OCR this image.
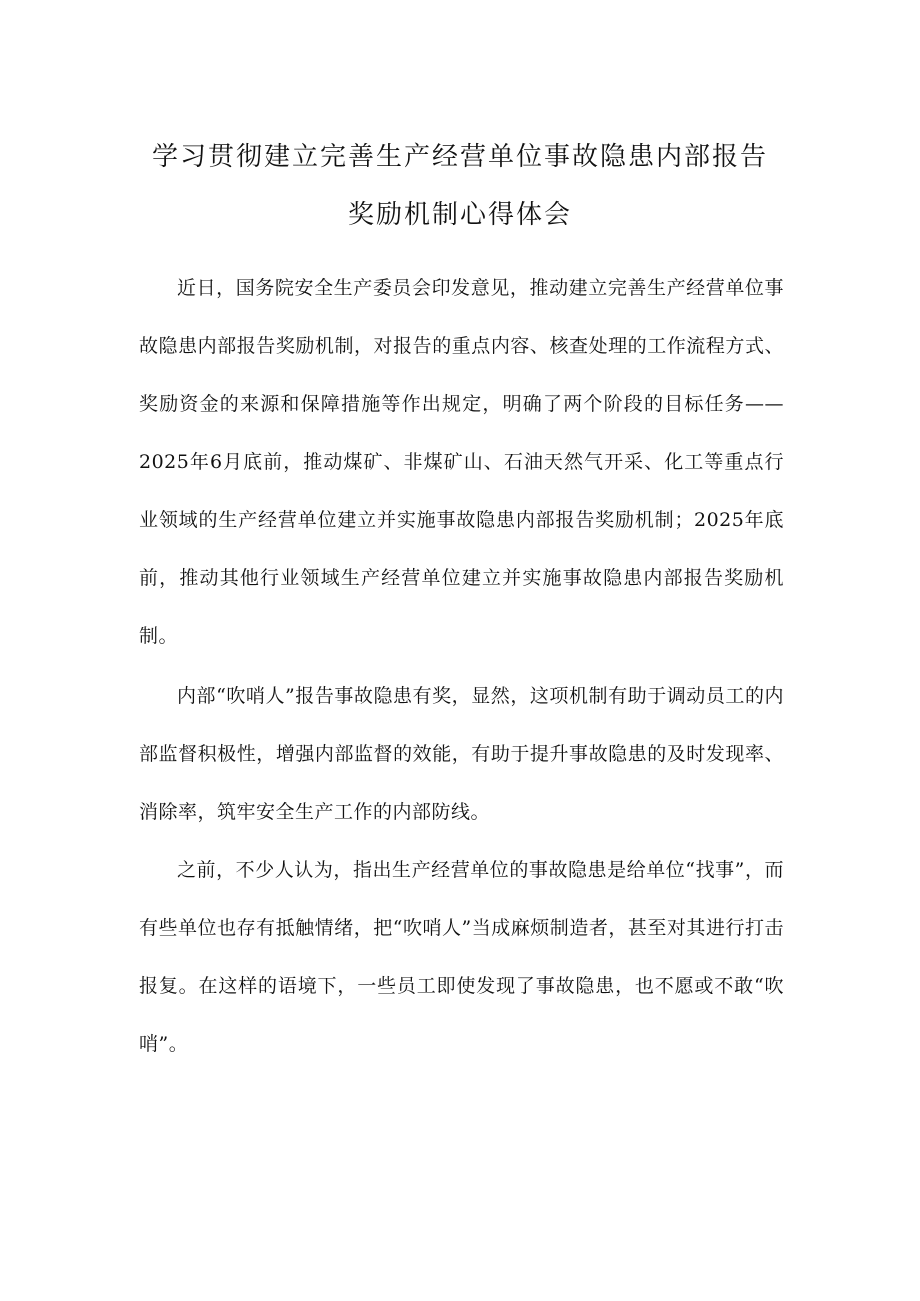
学习贯彻建立完善生产经营单位事故隐患内部报告
奖励机制心得体会

近日，国务院安全生产委员会印发意见，推动建立完善生产经营单位事故隐患内部报告奖励机制，对报告的重点内容、核查处理的工作流程方式、奖励资金的来源和保障措施等作出规定，明确了两个阶段的目标任务——2025年6月底前，推动煤矿、非煤矿山、石油天然气开采、化工等重点行业领域的生产经营单位建立并实施事故隐患内部报告奖励机制；2025年底前，推动其他行业领域生产经营单位建立并实施事故隐患内部报告奖励机制。

内部“吹哨人”报告事故隐患有奖，显然，这项机制有助于调动员工的内部监督积极性，增强内部监督的效能，有助于提升事故隐患的及时发现率、消除率，筑牢安全生产工作的内部防线。

之前，不少人认为，指出生产经营单位的事故隐患是给单位“找事”，而有些单位也存有抵触情绪，把“吹哨人”当成麻烦制造者，甚至对其进行打击报复。在这样的语境下，一些员工即使发现了事故隐患，也不愿或不敢“吹哨”。
